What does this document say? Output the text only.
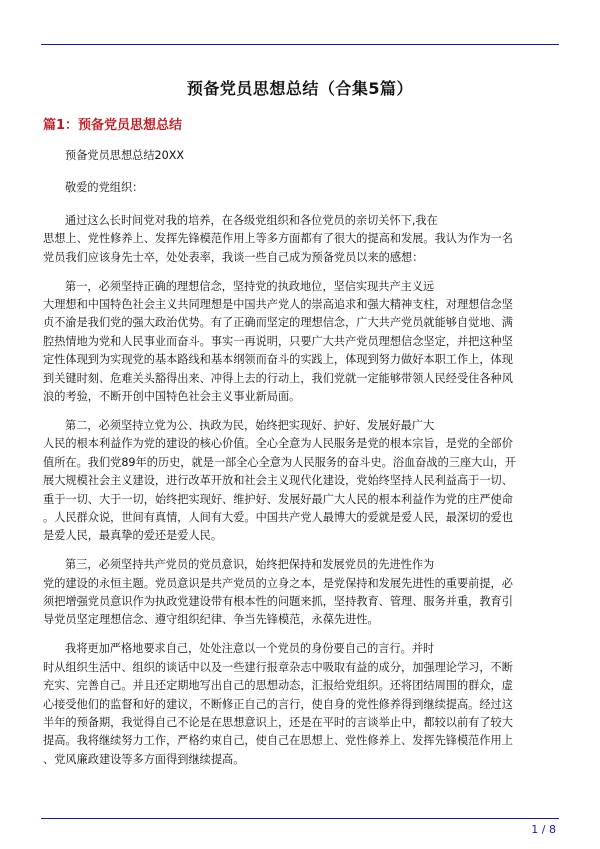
预备党员思想总结（合集5篇）
篇1：预备党员思想总结

预备党员思想总结20XX

敬爱的党组织：

通过这么长时间党对我的培养，在各级党组织和各位党员的亲切关怀下,我在
思想上、党性修养上、发挥先锋模范作用上等多方面都有了很大的提高和发展。我认为作为一名
党员我们应该身先士卒，处处表率，我谈一些自己成为预备党员以来的感想：

第一，必须坚持正确的理想信念，坚持党的执政地位，坚信实现共产主义远
大理想和中国特色社会主义共同理想是中国共产党人的崇高追求和强大精神支柱，对理想信念坚
贞不渝是我们党的强大政治优势。有了正确而坚定的理想信念，广大共产党员就能够自觉地、满
腔热情地为党和人民事业而奋斗。事实一再说明，只要广大共产党员理想信念坚定，并把这种坚
定性体现到为实现党的基本路线和基本纲领而奋斗的实践上，体现到努力做好本职工作上，体现
到关键时刻、危难关头豁得出来、冲得上去的行动上，我们党就一定能够带领人民经受住各种风
浪的考验，不断开创中国特色社会主义事业新局面。

第二，必须坚持立党为公、执政为民，始终把实现好、护好、发展好最广大
人民的根本利益作为党的建设的核心价值。全心全意为人民服务是党的根本宗旨，是党的全部价
值所在。我们党89年的历史，就是一部全心全意为人民服务的奋斗史。浴血奋战的三座大山，开
展大规模社会主义建设，进行改革开放和社会主义现代化建设，党始终坚持人民利益高于一切、
重于一切、大于一切，始终把实现好、维护好、发展好最广大人民的根本利益作为党的庄严使命
。人民群众说，世间有真情，人间有大爱。中国共产党人最博大的爱就是爱人民，最深切的爱也
是爱人民，最真挚的爱还是爱人民。

第三，必须坚持共产党员的党员意识，始终把保持和发展党员的先进性作为
党的建设的永恒主题。党员意识是共产党员的立身之本，是党保持和发展先进性的重要前提，必
须把增强党员意识作为执政党建设带有根本性的问题来抓，坚持教育、管理、服务并重，教育引
导党员坚定理想信念、遵守组织纪律、争当先锋模范，永葆先进性。

我将更加严格地要求自己，处处注意以一个党员的身份要自己的言行。并时
时从组织生活中、组织的谈话中以及一些建行报章杂志中吸取有益的成分，加强理论学习，不断
充实、完善自己。并且还定期地写出自己的思想动态，汇报给党组织。还将团结周围的群众，虚
心接受他们的监督和好的建议，不断修正自己的言行，使自身的党性修养得到继续提高。经过这
半年的预备期，我觉得自己不论是在思想意识上，还是在平时的言谈举止中，都较以前有了较大
提高。我将继续努力工作，严格约束自己，使自己在思想上、党性修养上、发挥先锋模范作用上
、党风廉政建设等多方面得到继续提高。

1 / 8
